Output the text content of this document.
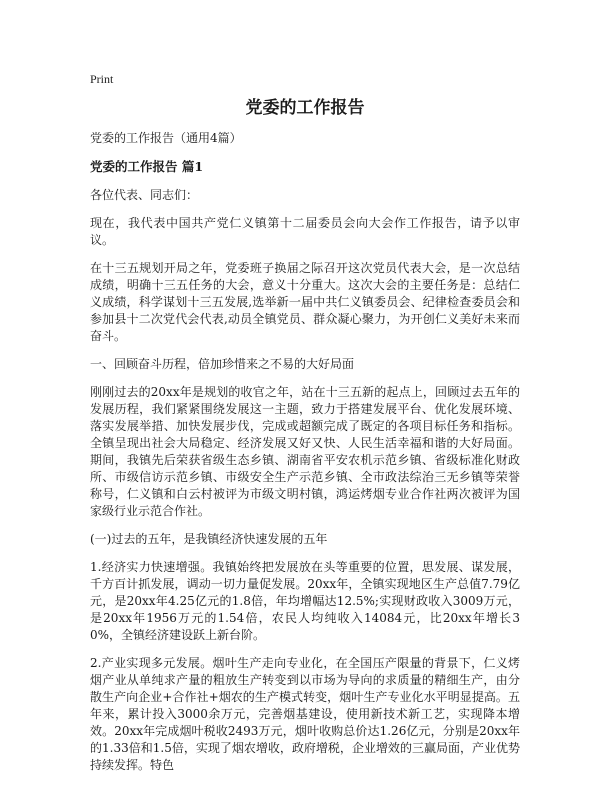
Print
党委的工作报告

党委的工作报告（通用4篇）

党委的工作报告 篇1

各位代表、同志们：

现在，我代表中国共产党仁义镇第十二届委员会向大会作工作报告，请予以审议。

在十三五规划开局之年，党委班子换届之际召开这次党员代表大会，是一次总结成绩，明确十三五任务的大会，意义十分重大。这次大会的主要任务是：总结仁义成绩，科学谋划十三五发展,选举新一届中共仁义镇委员会、纪律检查委员会和参加县十二次党代会代表,动员全镇党员、群众凝心聚力，为开创仁义美好未来而奋斗。

一、回顾奋斗历程，倍加珍惜来之不易的大好局面

刚刚过去的20xx年是规划的收官之年，站在十三五新的起点上，回顾过去五年的发展历程，我们紧紧围绕发展这一主题，致力于搭建发展平台、优化发展环境、落实发展举措、加快发展步伐，完成或超额完成了既定的各项目标任务和指标。全镇呈现出社会大局稳定、经济发展又好又快、人民生活幸福和谐的大好局面。期间，我镇先后荣获省级生态乡镇、湖南省平安农机示范乡镇、省级标准化财政所、市级信访示范乡镇、市级安全生产示范乡镇、全市政法综治三无乡镇等荣誉称号，仁义镇和白云村被评为市级文明村镇，鸿运烤烟专业合作社两次被评为国家级行业示范合作社。

(一)过去的五年，是我镇经济快速发展的五年

1.经济实力快速增强。我镇始终把发展放在头等重要的位置，思发展、谋发展，千方百计抓发展，调动一切力量促发展。20xx年，全镇实现地区生产总值7.79亿元，是20xx年4.25亿元的1.8倍，年均增幅达12.5%;实现财政收入3009万元，是20xx年1956万元的1.54倍，农民人均纯收入14084元，比20xx年增长30%，全镇经济建设跃上新台阶。

2.产业实现多元发展。烟叶生产走向专业化，在全国压产限量的背景下，仁义烤烟产业从单纯求产量的粗放生产转变到以市场为导向的求质量的精细生产，由分散生产向企业+合作社+烟农的生产模式转变，烟叶生产专业化水平明显提高。五年来，累计投入3000余万元，完善烟基建设，使用新技术新工艺，实现降本增效。20xx年完成烟叶税收2493万元，烟叶收购总价达1.26亿元，分别是20xx年的1.33倍和1.5倍，实现了烟农增收，政府增税，企业增效的三赢局面，产业优势持续发挥。特色
